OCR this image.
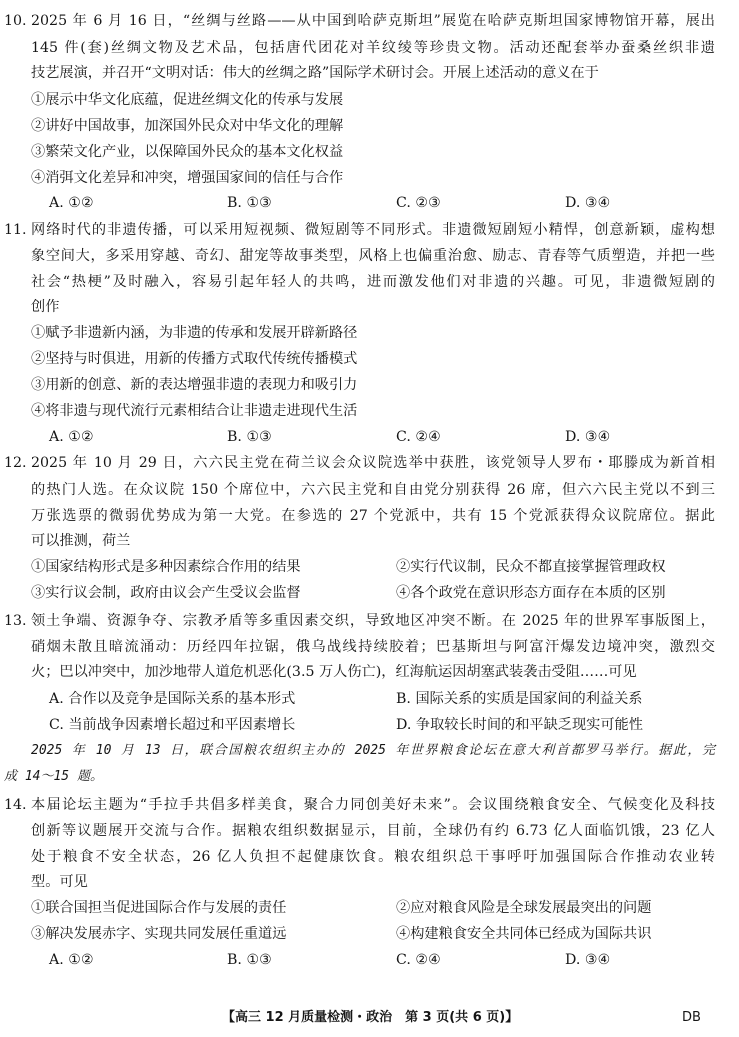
10. 2025 年 6 月 16 日，“丝绸与丝路——从中国到哈萨克斯坦”展览在哈萨克斯坦国家博物馆开幕，展出
145 件(套)丝绸文物及艺术品，包括唐代团花对羊纹绫等珍贵文物。活动还配套举办蚕桑丝织非遗
技艺展演，并召开“文明对话：伟大的丝绸之路”国际学术研讨会。开展上述活动的意义在于
①展示中华文化底蕴，促进丝绸文化的传承与发展
②讲好中国故事，加深国外民众对中华文化的理解
③繁荣文化产业，以保障国外民众的基本文化权益
④消弭文化差异和冲突，增强国家间的信任与合作
A. ①②	B. ①③	C. ②③	D. ③④
11. 网络时代的非遗传播，可以采用短视频、微短剧等不同形式。非遗微短剧短小精悍，创意新颖，虚构想
象空间大，多采用穿越、奇幻、甜宠等故事类型，风格上也偏重治愈、励志、青春等气质塑造，并把一些
社会“热梗”及时融入，容易引起年轻人的共鸣，进而激发他们对非遗的兴趣。可见，非遗微短剧的
创作
①赋予非遗新内涵，为非遗的传承和发展开辟新路径
②坚持与时俱进，用新的传播方式取代传统传播模式
③用新的创意、新的表达增强非遗的表现力和吸引力
④将非遗与现代流行元素相结合让非遗走进现代生活
A. ①②	B. ①③	C. ②④	D. ③④
12. 2025 年 10 月 29 日，六六民主党在荷兰议会众议院选举中获胜，该党领导人罗布・耶滕成为新首相
的热门人选。在众议院 150 个席位中，六六民主党和自由党分别获得 26 席，但六六民主党以不到三
万张选票的微弱优势成为第一大党。在参选的 27 个党派中，共有 15 个党派获得众议院席位。据此
可以推测，荷兰
①国家结构形式是多种因素综合作用的结果	②实行代议制，民众不都直接掌握管理政权
③实行议会制，政府由议会产生受议会监督	④各个政党在意识形态方面存在本质的区别
13. 领土争端、资源争夺、宗教矛盾等多重因素交织，导致地区冲突不断。在 2025 年的世界军事版图上，
硝烟未散且暗流涌动：历经四年拉锯，俄乌战线持续胶着；巴基斯坦与阿富汗爆发边境冲突，激烈交
火；巴以冲突中，加沙地带人道危机恶化(3.5 万人伤亡)，红海航运因胡塞武装袭击受阻……可见
A. 合作以及竞争是国际关系的基本形式	B. 国际关系的实质是国家间的利益关系
C. 当前战争因素增长超过和平因素增长	D. 争取较长时间的和平缺乏现实可能性
2025 年 10 月 13 日，联合国粮农组织主办的 2025 年世界粮食论坛在意大利首都罗马举行。据此，完
成 14～15 题。
14. 本届论坛主题为“手拉手共倡多样美食，聚合力同创美好未来”。会议围绕粮食安全、气候变化及科技
创新等议题展开交流与合作。据粮农组织数据显示，目前，全球仍有约 6.73 亿人面临饥饿，23 亿人
处于粮食不安全状态，26 亿人负担不起健康饮食。粮农组织总干事呼吁加强国际合作推动农业转
型。可见
①联合国担当促进国际合作与发展的责任	②应对粮食风险是全球发展最突出的问题
③解决发展赤字、实现共同发展任重道远	④构建粮食安全共同体已经成为国际共识
A. ①②	B. ①③	C. ②④	D. ③④
【高三 12 月质量检测・政治　第 3 页(共 6 页)】	DB
